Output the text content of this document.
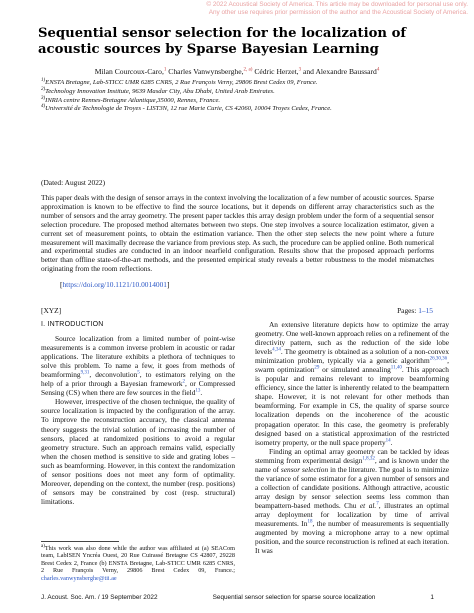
© 2022 Acoustical Society of America. This article may be downloaded for personal use only.
Any other use requires prior permission of the author and the Acoustical Society of America.
Sequential sensor selection for the localization of acoustic sources by Sparse Bayesian Learning
Milan Courcoux-Caro,$^1$ Charles Vanwynsberghe,$^{2, a)}$ Cédric Herzet,$^3$ and Alexandre Baussard$^4$
$^{1)}$ENSTA Bretagne, Lab-STICC UMR 6285 CNRS, 2 Rue François Verny, 29806 Brest Cedex 09, France.
$^{2)}$Technology Innovation Institute, 9639 Masdar City, Abu Dhabi, United Arab Emirates.
$^{3)}$INRIA centre Rennes-Bretagne Atlantique,35000, Rennes, France.
$^{4)}$Université de Technologie de Troyes - LIST3N, 12 rue Marie Curie, CS 42060, 10004 Troyes Cedex, France.
(Dated: August 2022)

This paper deals with the design of sensor arrays in the context involving the localization of a few number of acoustic sources. Sparse approximation is known to be effective to find the source locations, but it depends on different array characteristics such as the number of sensors and the array geometry. The present paper tackles this array design problem under the form of a sequential sensor selection procedure. The proposed method alternates between two steps. One step involves a source localization estimator, given a current set of measurement points, to obtain the estimation variance. Then the other step selects the new point where a future measurement will maximally decrease the variance from previous step. As such, the procedure can be applied online. Both numerical and experimental studies are conducted in an indoor nearfield configuration. Results show that the proposed approach performs better than offline state-of-the-art methods, and the presented empirical study reveals a better robustness to the model mismatches originating from the room reflections.

[https://doi.org/10.1121/10.0014001]
[XYZ]	Pages: 1–15
I. INTRODUCTION

Source localization from a limited number of point-wise measurements is a common inverse problem in acoustic or radar applications. The literature exhibits a plethora of techniques to solve this problem. To name a few, it goes from methods of beamforming$^{9,31}$, deconvolution$^5$, to estimators relying on the help of a prior through a Bayesian framework$^2$, or Compressed Sensing (CS) when there are few sources in the field$^{13}$.

However, irrespective of the chosen technique, the quality of source localization is impacted by the configuration of the array. To improve the reconstruction accuracy, the classical antenna theory suggests the trivial solution of increasing the number of sensors, placed at randomized positions to avoid a regular geometry structure. Such an approach remains valid, especially when the chosen method is sensitive to side and grating lobes – such as beamforming. However, in this context the randomization of sensor positions does not meet any form of optimality. Moreover, depending on the context, the number (resp. positions) of sensors may be constrained by cost (resp. structural) limitations.

An extensive literature depicts how to optimize the array geometry. One well-known approach relies on a refinement of the directivity pattern, such as the reduction of the side lobe levels$^{4,34}$. The geometry is obtained as a solution of a non-convex minimization problem, typically via a genetic algorithm$^{26,30,36}$, swarm optimization$^{29}$ or simulated annealing$^{11,40}$. This approach is popular and remains relevant to improve beamforming efficiency, since the latter is inherently related to the beampattern shape. However, it is not relevant for other methods than beamforming. For example in CS, the quality of sparse source localization depends on the incoherence of the acoustic propagation operator. In this case, the geometry is preferably designed based on a statistical approximation of the restricted isometry property, or the null space property$^{14}$.

Finding an optimal array geometry can be tackled by ideas stemming from experimental design$^{1,8,32}$, and is known under the name of sensor selection in the literature. The goal is to minimize the variance of some estimator for a given number of sensors and a collection of candidate positions. Although attractive, acoustic array design by sensor selection seems less common than beampattern-based methods. Chu et al.$^7$, illustrates an optimal array deployment for localization by time of arrival measurements. In$^{18}$, the number of measurements is sequentially augmented by moving a microphone array to a new optimal position, and the source reconstruction is refined at each iteration. It was

$^{a)}$This work was also done while the author was affiliated at (a) SEACom team, LabISEN Yncréa Ouest, 20 Rue Cuirassé Bretagne CS 42807, 29228 Brest Cedex 2, France (b) ENSTA Bretagne, Lab-STICC UMR 6285 CNRS, 2 Rue François Verny, 29806 Brest Cedex 09, France.; charles.vanwynsberghe@tii.ae
J. Acoust. Soc. Am. / 19 September 2022	Sequential sensor selection for sparse source localization	1
